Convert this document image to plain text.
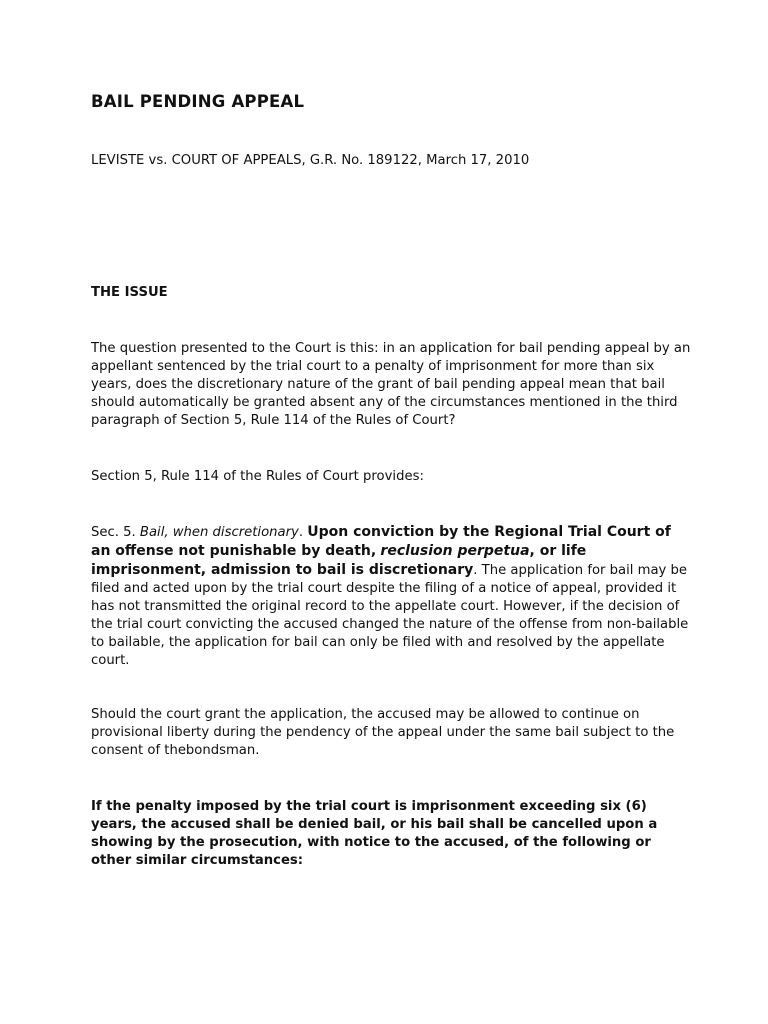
BAIL PENDING APPEAL

LEVISTE vs. COURT OF APPEALS, G.R. No. 189122, March 17, 2010

THE ISSUE

The question presented to the Court is this: in an application for bail pending appeal by an appellant sentenced by the trial court to a penalty of imprisonment for more than six years, does the discretionary nature of the grant of bail pending appeal mean that bail should automatically be granted absent any of the circumstances mentioned in the third paragraph of Section 5, Rule 114 of the Rules of Court?

Section 5, Rule 114 of the Rules of Court provides:

Sec. 5. Bail, when discretionary. Upon conviction by the Regional Trial Court of an offense not punishable by death, reclusion perpetua, or life imprisonment, admission to bail is discretionary. The application for bail may be filed and acted upon by the trial court despite the filing of a notice of appeal, provided it has not transmitted the original record to the appellate court. However, if the decision of the trial court convicting the accused changed the nature of the offense from non-bailable to bailable, the application for bail can only be filed with and resolved by the appellate court.

Should the court grant the application, the accused may be allowed to continue on provisional liberty during the pendency of the appeal under the same bail subject to the consent of thebondsman.

If the penalty imposed by the trial court is imprisonment exceeding six (6) years, the accused shall be denied bail, or his bail shall be cancelled upon a showing by the prosecution, with notice to the accused, of the following or other similar circumstances:
